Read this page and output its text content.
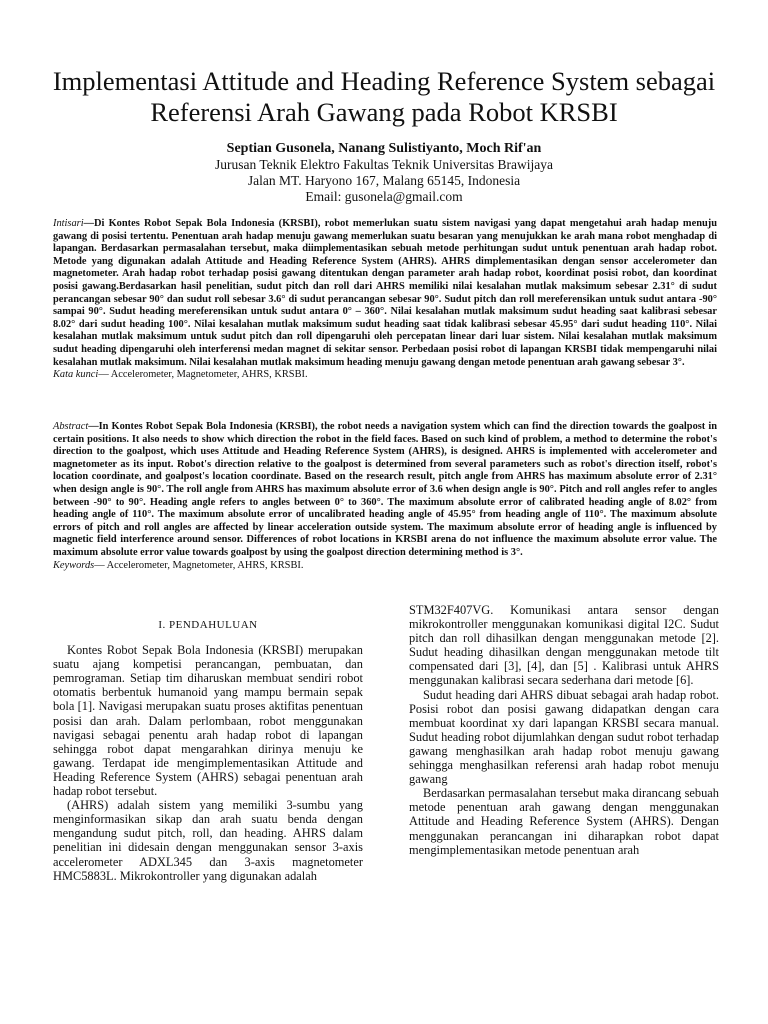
Implementasi Attitude and Heading Reference System sebagai Referensi Arah Gawang pada Robot KRSBI
Septian Gusonela, Nanang Sulistiyanto, Moch Rif'an
Jurusan Teknik Elektro Fakultas Teknik Universitas Brawijaya
Jalan MT. Haryono 167, Malang 65145, Indonesia
Email: gusonela@gmail.com
Intisari—Di Kontes Robot Sepak Bola Indonesia (KRSBI), robot memerlukan suatu sistem navigasi yang dapat mengetahui arah hadap menuju gawang di posisi tertentu. Penentuan arah hadap menuju gawang memerlukan suatu besaran yang menujukkan ke arah mana robot menghadap di lapangan. Berdasarkan permasalahan tersebut, maka diimplementasikan sebuah metode perhitungan sudut untuk penentuan arah hadap robot. Metode yang digunakan adalah Attitude and Heading Reference System (AHRS). AHRS dimplementasikan dengan sensor accelerometer dan magnetometer. Arah hadap robot terhadap posisi gawang ditentukan dengan parameter arah hadap robot, koordinat posisi robot, dan koordinat posisi gawang.Berdasarkan hasil penelitian, sudut pitch dan roll dari AHRS memiliki nilai kesalahan mutlak maksimum sebesar 2.31° di sudut perancangan sebesar 90° dan sudut roll sebesar 3.6° di sudut perancangan sebesar 90°. Sudut pitch dan roll mereferensikan untuk sudut antara -90° sampai 90°. Sudut heading mereferensikan untuk sudut antara 0° – 360°. Nilai kesalahan mutlak maksimum sudut heading saat kalibrasi sebesar 8.02° dari sudut heading 100°. Nilai kesalahan mutlak maksimum sudut heading saat tidak kalibrasi sebesar 45.95° dari sudut heading 110°. Nilai kesalahan mutlak maksimum untuk sudut pitch dan roll dipengaruhi oleh percepatan linear dari luar sistem. Nilai kesalahan mutlak maksimum sudut heading dipengaruhi oleh interferensi medan magnet di sekitar sensor. Perbedaan posisi robot di lapangan KRSBI tidak mempengaruhi nilai kesalahan mutlak maksimum. Nilai kesalahan mutlak maksimum heading menuju gawang dengan metode penentuan arah gawang sebesar 3°.
Kata kunci— Accelerometer, Magnetometer, AHRS, KRSBI.
Abstract—In Kontes Robot Sepak Bola Indonesia (KRSBI), the robot needs a navigation system which can find the direction towards the goalpost in certain positions. It also needs to show which direction the robot in the field faces. Based on such kind of problem, a method to determine the robot's direction to the goalpost, which uses Attitude and Heading Reference System (AHRS), is designed. AHRS is implemented with accelerometer and magnetometer as its input. Robot's direction relative to the goalpost is determined from several parameters such as robot's direction itself, robot's location coordinate, and goalpost's location coordinate. Based on the research result, pitch angle from AHRS has maximum absolute error of 2.31° when design angle is 90°. The roll angle from AHRS has maximum absolute error of 3.6 when design angle is 90°. Pitch and roll angles refer to angles between -90° to 90°. Heading angle refers to angles between 0° to 360°. The maximum absolute error of calibrated heading angle of 8.02° from heading angle of 110°. The maximum absolute error of uncalibrated heading angle of 45.95° from heading angle of 110°. The maximum absolute errors of pitch and roll angles are affected by linear acceleration outside system. The maximum absolute error of heading angle is influenced by magnetic field interference around sensor. Differences of robot locations in KRSBI arena do not influence the maximum absolute error value. The maximum absolute error value towards goalpost by using the goalpost direction determining method is 3°.
Keywords— Accelerometer, Magnetometer, AHRS, KRSBI.
I. PENDAHULUAN

Kontes Robot Sepak Bola Indonesia (KRSBI) merupakan suatu ajang kompetisi perancangan, pembuatan, dan pemrograman. Setiap tim diharuskan membuat sendiri robot otomatis berbentuk humanoid yang mampu bermain sepak bola [1]. Navigasi merupakan suatu proses aktifitas penentuan posisi dan arah. Dalam perlombaan, robot menggunakan navigasi sebagai penentu arah hadap robot di lapangan sehingga robot dapat mengarahkan dirinya menuju ke gawang. Terdapat ide mengimplementasikan Attitude and Heading Reference System (AHRS) sebagai penentuan arah hadap robot tersebut.

(AHRS) adalah sistem yang memiliki 3-sumbu yang menginformasikan sikap dan arah suatu benda dengan mengandung sudut pitch, roll, dan heading. AHRS dalam penelitian ini didesain dengan menggunakan sensor 3-axis accelerometer ADXL345 dan 3-axis magnetometer HMC5883L. Mikrokontroller yang digunakan adalah

STM32F407VG. Komunikasi antara sensor dengan mikrokontroller menggunakan komunikasi digital I2C. Sudut pitch dan roll dihasilkan dengan menggunakan metode [2]. Sudut heading dihasilkan dengan menggunakan metode tilt compensated dari [3], [4], dan [5] . Kalibrasi untuk AHRS menggunakan kalibrasi secara sederhana dari metode [6].

Sudut heading dari AHRS dibuat sebagai arah hadap robot. Posisi robot dan posisi gawang didapatkan dengan cara membuat koordinat xy dari lapangan KRSBI secara manual. Sudut heading robot dijumlahkan dengan sudut robot terhadap gawang menghasilkan arah hadap robot menuju gawang sehingga menghasilkan referensi arah hadap robot menuju gawang

Berdasarkan permasalahan tersebut maka dirancang sebuah metode penentuan arah gawang dengan menggunakan Attitude and Heading Reference System (AHRS). Dengan menggunakan perancangan ini diharapkan robot dapat mengimplementasikan metode penentuan arah
